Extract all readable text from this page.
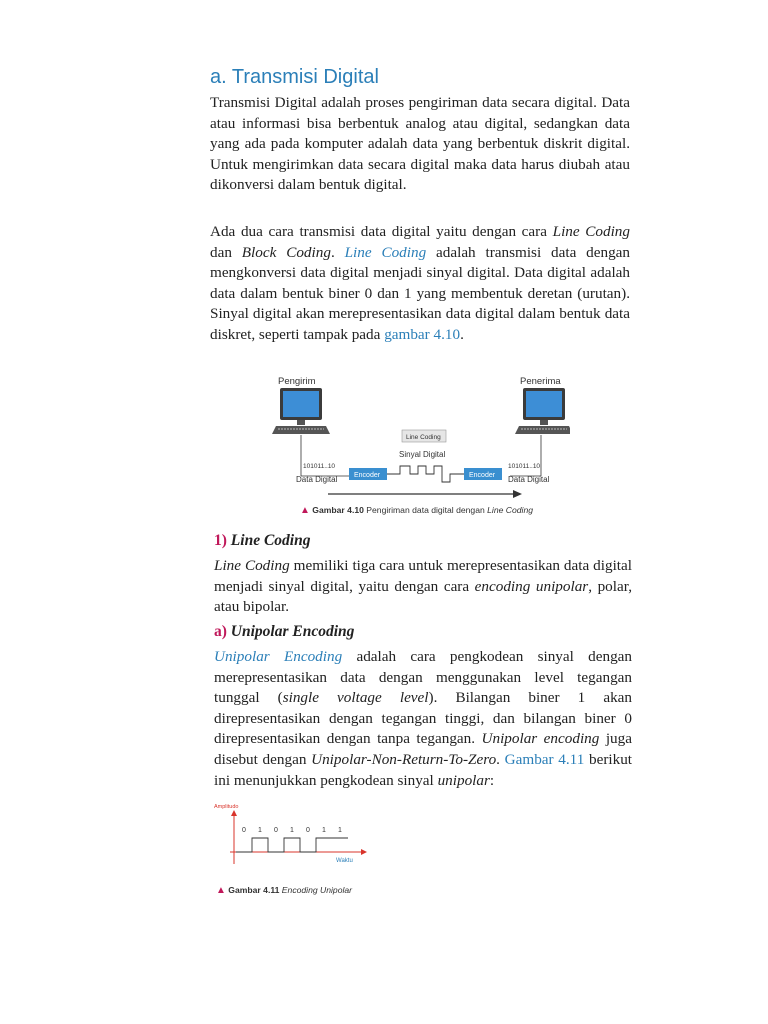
a. Transmisi Digital

Transmisi Digital adalah proses pengiriman data secara digital. Data atau informasi bisa berbentuk analog atau digital, sedangkan data yang ada pada komputer adalah data yang berbentuk diskrit digital. Untuk mengirimkan data secara digital maka data harus diubah atau dikonversi dalam bentuk digital.

Ada dua cara transmisi data digital yaitu dengan cara Line Coding dan Block Coding. Line Coding adalah transmisi data dengan mengkonversi data digital menjadi sinyal digital. Data digital adalah data dalam bentuk biner 0 dan 1 yang membentuk deretan (urutan). Sinyal digital akan merepresentasikan data digital dalam bentuk data diskret, seperti tampak pada gambar 4.10.

Pengirim	Penerima
Line Coding
Sinyal Digital
101011..10	101011..10
Encoder	Encoder
Data Digital	Data Digital
▲ Gambar 4.10 Pengiriman data digital dengan Line Coding
1) Line Coding

Line Coding memiliki tiga cara untuk merepresentasikan data digital menjadi sinyal digital, yaitu dengan cara encoding unipolar, polar, atau bipolar.

a) Unipolar Encoding

Unipolar Encoding adalah cara pengkodean sinyal dengan merepresentasikan data dengan menggunakan level tegangan tunggal (single voltage level). Bilangan biner 1 akan direpresentasikan dengan tegangan tinggi, dan bilangan biner 0 direpresentasikan dengan tanpa tegangan. Unipolar encoding juga disebut dengan Unipolar-Non-Return-To-Zero. Gambar 4.11 berikut ini menunjukkan pengkodean sinyal unipolar:

Amplitudo
Waktu
0 1 0 1 0 1 1
▲ Gambar 4.11 Encoding Unipolar
